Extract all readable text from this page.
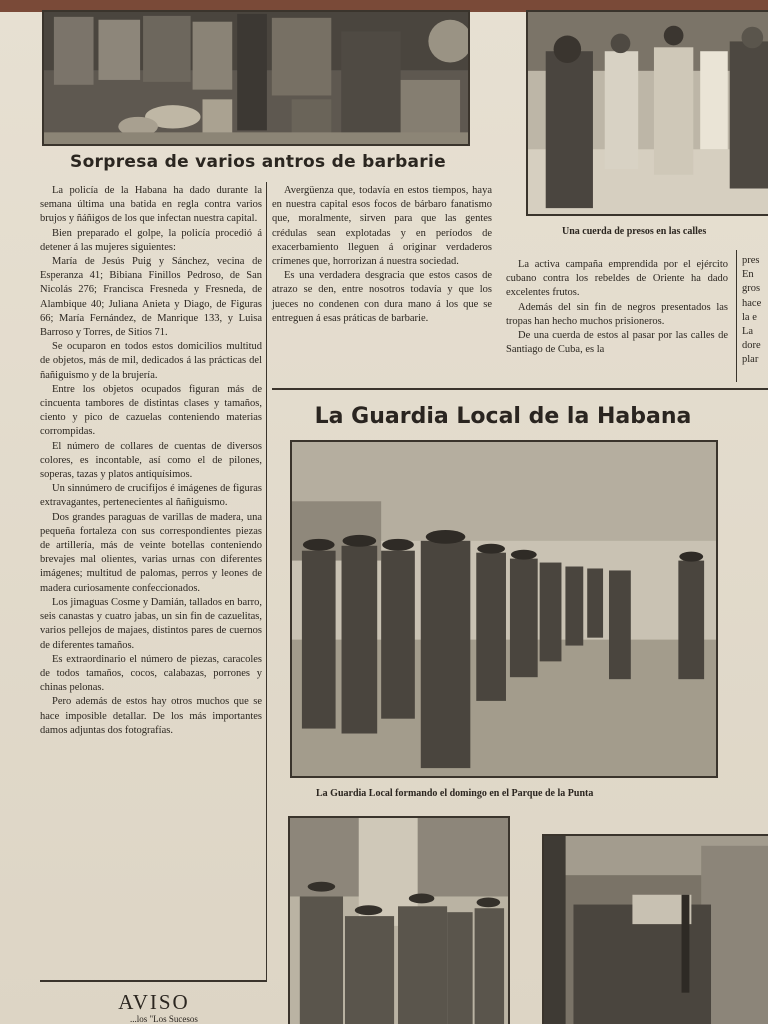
Sorpresa de varios antros de barbarie

La policía de la Habana ha dado durante la semana última una batida en regla contra varios brujos y ñáñigos de los que infectan nuestra capital.

Bien preparado el golpe, la policía procedió á detener á las mujeres siguientes:

María de Jesús Puig y Sánchez, vecina de Esperanza 41; Bibiana Finillos Pedroso, de San Nicolás 276; Francisca Fresneda y Fresneda, de Alambique 40; Juliana Anieta y Diago, de Figuras 66; María Fernández, de Manrique 133, y Luisa Barroso y Torres, de Sitios 71.

Se ocuparon en todos estos domicilios multitud de objetos, más de mil, dedicados á las prácticas del ñañiguismo y de la brujería.

Entre los objetos ocupados figuran más de cincuenta tambores de distintas clases y tamaños, ciento y pico de cazuelas conteniendo materias corrompidas.

El número de collares de cuentas de diversos colores, es incontable, así como el de pilones, soperas, tazas y platos antiquísimos.

Un sinnúmero de crucifijos é imágenes de figuras extravagantes, pertenecientes al ñañiguismo.

Dos grandes paraguas de varillas de madera, una pequeña fortaleza con sus correspondientes piezas de artillería, más de veinte botellas conteniendo brevajes mal olientes, varias urnas con diferentes imágenes; multitud de palomas, perros y leones de madera curiosamente confeccionados.

Los jimaguas Cosme y Damián, tallados en barro, seis canastas y cuatro jabas, un sin fin de cazuelitas, varios pellejos de majaes, distintos pares de cuernos de diferentes tamaños.

Es extraordinario el número de piezas, caracoles de todos tamaños, cocos, calabazas, porrones y chinas pelonas.

Pero además de estos hay otros muchos que se hace imposible detallar. De los más importantes damos adjuntas dos fotografías.

Avergüenza que, todavía en estos tiempos, haya en nuestra capital esos focos de bárbaro fanatismo que, moralmente, sirven para que las gentes crédulas sean explotadas y en períodos de exacerbamiento lleguen á originar verdaderos crímenes que, horrorizan á nuestra sociedad.

Es una verdadera desgracia que estos casos de atrazo se den, entre nosotros todavía y que los jueces no condenen con dura mano á los que se entreguen á esas práticas de barbarie.

Una cuerda de presos en las calles

La activa campaña emprendida por el ejército cubano contra los rebeldes de Oriente ha dado excelentes frutos.

Además del sin fin de negros presentados las tropas han hecho muchos prisioneros.

De una cuerda de estos al pasar por las calles de Santiago de Cuba, es la

pres
En
gros
hace
la e
La
dore
plar
La Guardia Local de la Habana
La Guardia Local formando el domingo en el Parque de la Punta
AVISO
...los "Los Sucesos
